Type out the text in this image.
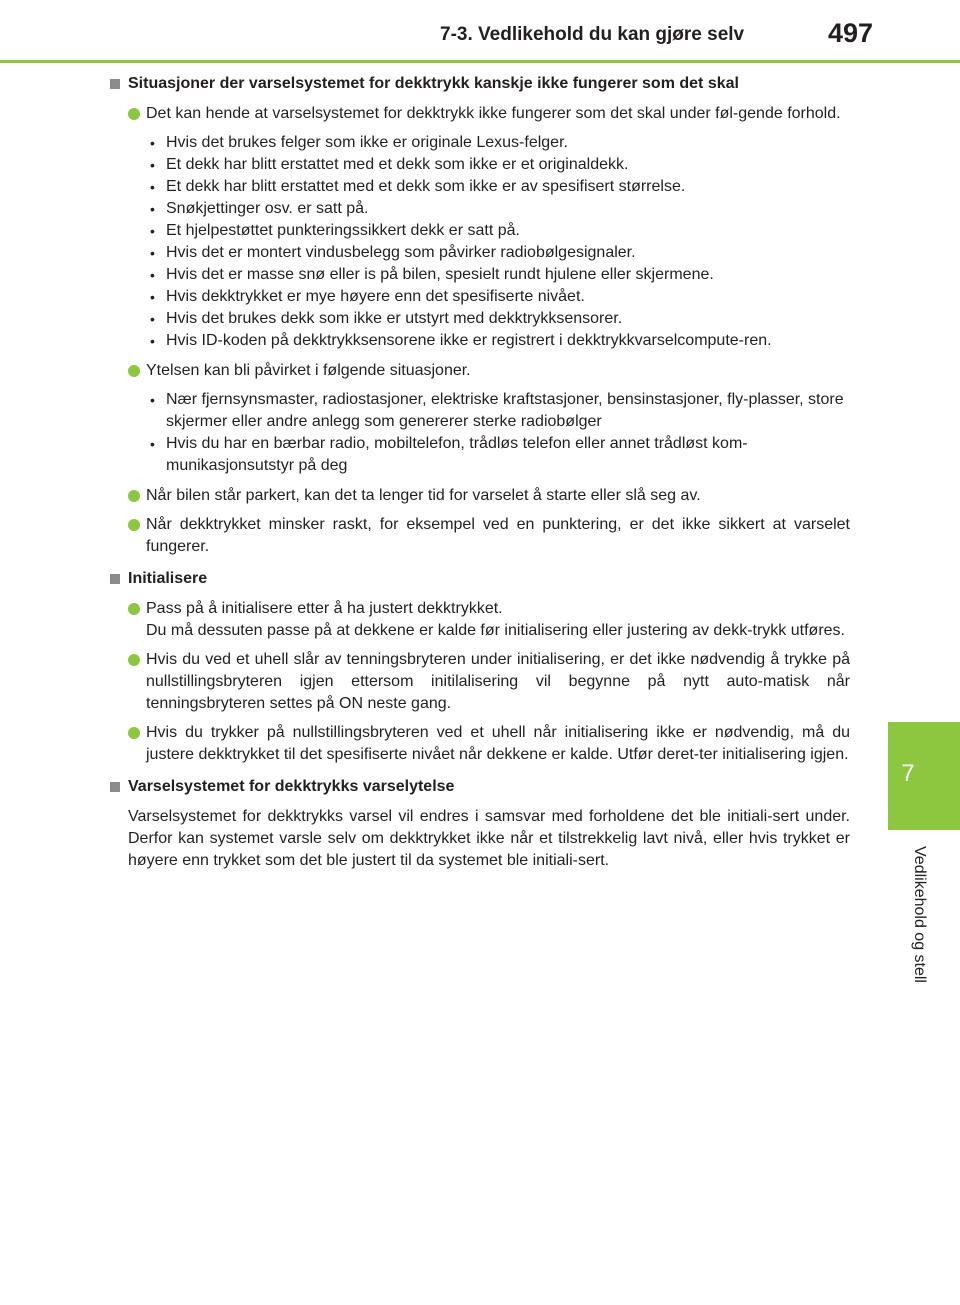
7-3. Vedlikehold du kan gjøre selv	497
7
Vedlikehold og stell
Situasjoner der varselsystemet for dekktrykk kanskje ikke fungerer som det skal
Det kan hende at varselsystemet for dekktrykk ikke fungerer som det skal under føl-gende forhold.
• Hvis det brukes felger som ikke er originale Lexus-felger.
• Et dekk har blitt erstattet med et dekk som ikke er et originaldekk.
• Et dekk har blitt erstattet med et dekk som ikke er av spesifisert størrelse.
• Snøkjettinger osv. er satt på.
• Et hjelpestøttet punkteringssikkert dekk er satt på.
• Hvis det er montert vindusbelegg som påvirker radiobølgesignaler.
• Hvis det er masse snø eller is på bilen, spesielt rundt hjulene eller skjermene.
• Hvis dekktrykket er mye høyere enn det spesifiserte nivået.
• Hvis det brukes dekk som ikke er utstyrt med dekktrykksensorer.
• Hvis ID-koden på dekktrykksensorene ikke er registrert i dekktrykkvarselcompute-ren.
Ytelsen kan bli påvirket i følgende situasjoner.
• Nær fjernsynsmaster, radiostasjoner, elektriske kraftstasjoner, bensinstasjoner, fly-plasser, store skjermer eller andre anlegg som genererer sterke radiobølger
• Hvis du har en bærbar radio, mobiltelefon, trådløs telefon eller annet trådløst kom-munikasjonsutstyr på deg
Når bilen står parkert, kan det ta lenger tid for varselet å starte eller slå seg av.
Når dekktrykket minsker raskt, for eksempel ved en punktering, er det ikke sikkert at varselet fungerer.
Initialisere
Pass på å initialisere etter å ha justert dekktrykket.
Du må dessuten passe på at dekkene er kalde før initialisering eller justering av dekk-trykk utføres.
Hvis du ved et uhell slår av tenningsbryteren under initialisering, er det ikke nødvendig å trykke på nullstillingsbryteren igjen ettersom initilalisering vil begynne på nytt auto-matisk når tenningsbryteren settes på ON neste gang.
Hvis du trykker på nullstillingsbryteren ved et uhell når initialisering ikke er nødvendig, må du justere dekktrykket til det spesifiserte nivået når dekkene er kalde. Utfør deret-ter initialisering igjen.
Varselsystemet for dekktrykks varselytelse

Varselsystemet for dekktrykks varsel vil endres i samsvar med forholdene det ble initiali-sert under. Derfor kan systemet varsle selv om dekktrykket ikke når et tilstrekkelig lavt nivå, eller hvis trykket er høyere enn trykket som det ble justert til da systemet ble initiali-sert.
